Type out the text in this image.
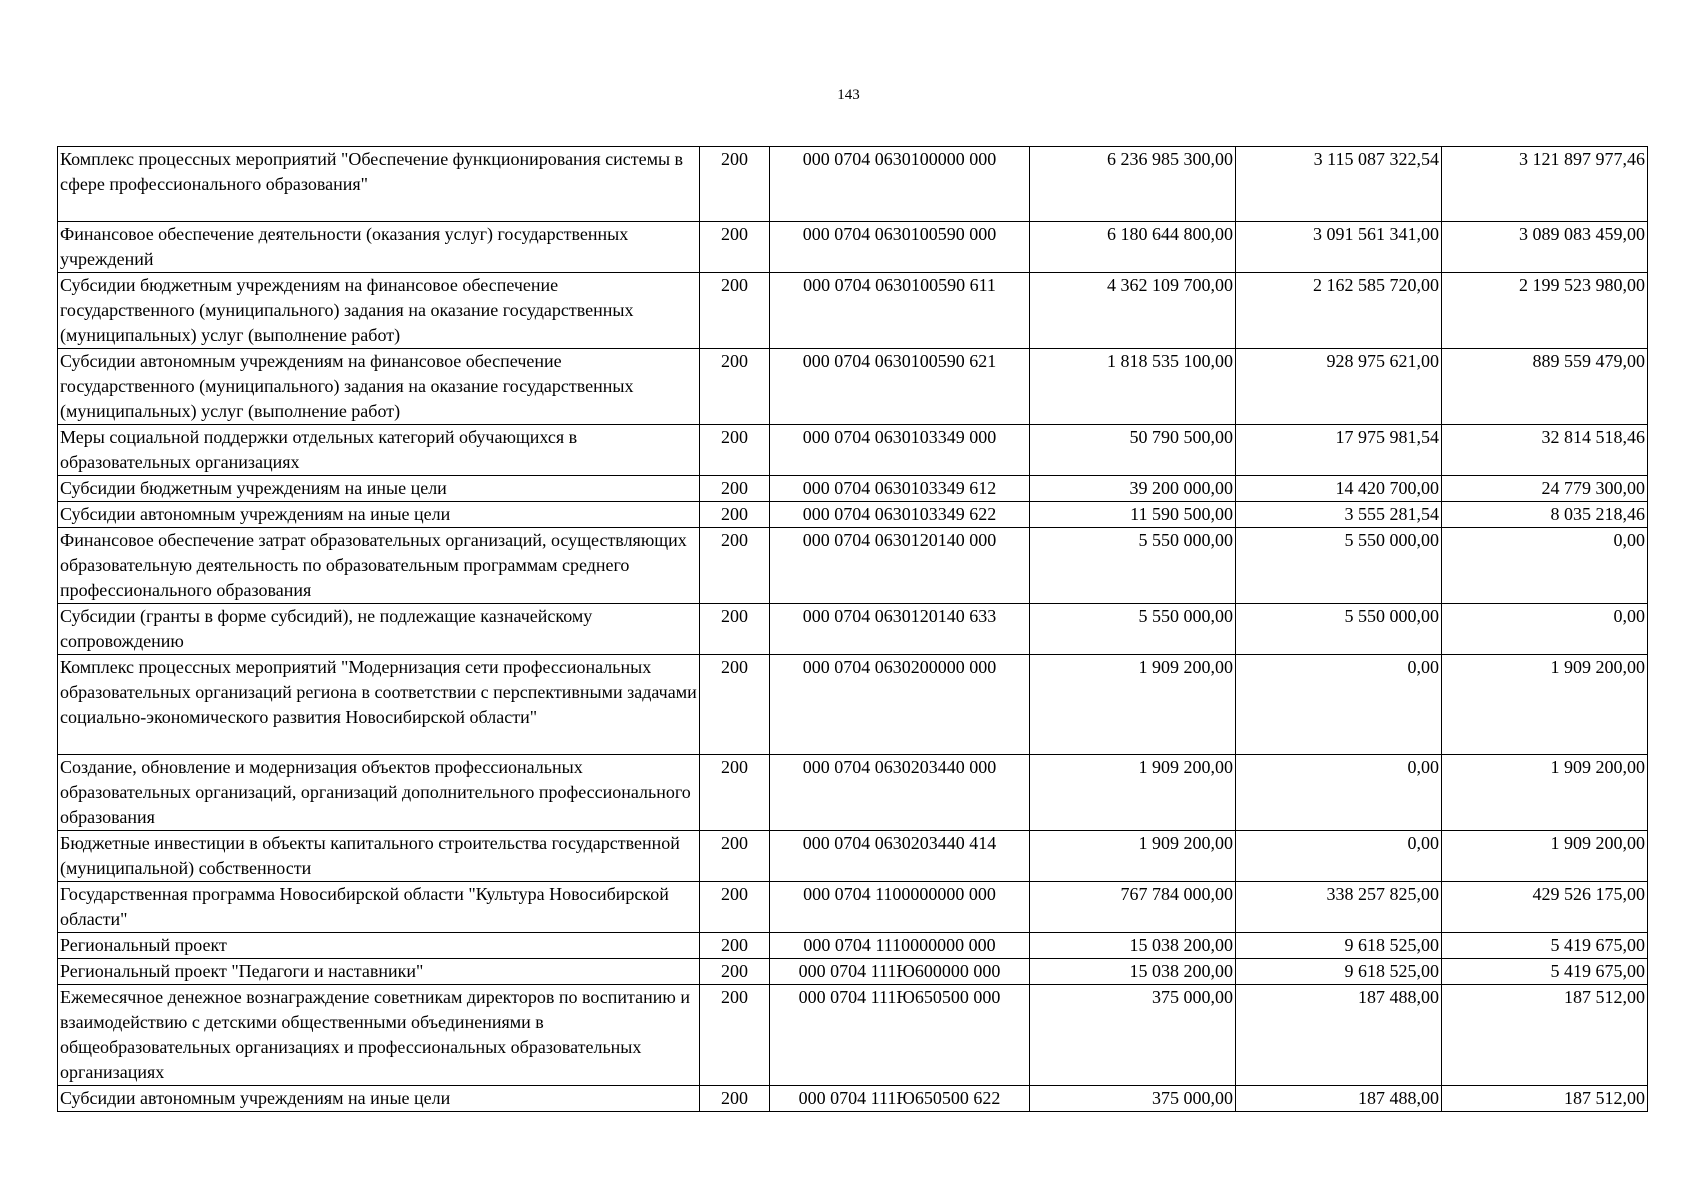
143
Комплекс процессных мероприятий "Обеспечение функционирования системы в сфере профессионального образования"	200	000 0704 0630100000 000	6 236 985 300,00	3 115 087 322,54	3 121 897 977,46
Финансовое обеспечение деятельности (оказания услуг) государственных учреждений	200	000 0704 0630100590 000	6 180 644 800,00	3 091 561 341,00	3 089 083 459,00
Субсидии бюджетным учреждениям на финансовое обеспечение государственного (муниципального) задания на оказание государственных (муниципальных) услуг (выполнение работ)	200	000 0704 0630100590 611	4 362 109 700,00	2 162 585 720,00	2 199 523 980,00
Субсидии автономным учреждениям на финансовое обеспечение государственного (муниципального) задания на оказание государственных (муниципальных) услуг (выполнение работ)	200	000 0704 0630100590 621	1 818 535 100,00	928 975 621,00	889 559 479,00
Меры социальной поддержки отдельных категорий обучающихся в образовательных организациях	200	000 0704 0630103349 000	50 790 500,00	17 975 981,54	32 814 518,46
Субсидии бюджетным учреждениям на иные цели	200	000 0704 0630103349 612	39 200 000,00	14 420 700,00	24 779 300,00
Субсидии автономным учреждениям на иные цели	200	000 0704 0630103349 622	11 590 500,00	3 555 281,54	8 035 218,46
Финансовое обеспечение затрат образовательных организаций, осуществляющих образовательную деятельность по образовательным программам среднего профессионального образования	200	000 0704 0630120140 000	5 550 000,00	5 550 000,00	0,00
Субсидии (гранты в форме субсидий), не подлежащие казначейскому сопровождению	200	000 0704 0630120140 633	5 550 000,00	5 550 000,00	0,00
Комплекс процессных мероприятий "Модернизация сети профессиональных образовательных организаций региона в соответствии с перспективными задачами социально-экономического развития Новосибирской области"	200	000 0704 0630200000 000	1 909 200,00	0,00	1 909 200,00
Создание, обновление и модернизация объектов профессиональных образовательных организаций, организаций дополнительного профессионального образования	200	000 0704 0630203440 000	1 909 200,00	0,00	1 909 200,00
Бюджетные инвестиции в объекты капитального строительства государственной (муниципальной) собственности	200	000 0704 0630203440 414	1 909 200,00	0,00	1 909 200,00
Государственная программа Новосибирской области "Культура Новосибирской области"	200	000 0704 1100000000 000	767 784 000,00	338 257 825,00	429 526 175,00
Региональный проект	200	000 0704 1110000000 000	15 038 200,00	9 618 525,00	5 419 675,00
Региональный проект "Педагоги и наставники"	200	000 0704 111Ю600000 000	15 038 200,00	9 618 525,00	5 419 675,00
Ежемесячное денежное вознаграждение советникам директоров по воспитанию и взаимодействию с детскими общественными объединениями в общеобразовательных организациях и профессиональных образовательных организациях	200	000 0704 111Ю650500 000	375 000,00	187 488,00	187 512,00
Субсидии автономным учреждениям на иные цели	200	000 0704 111Ю650500 622	375 000,00	187 488,00	187 512,00
